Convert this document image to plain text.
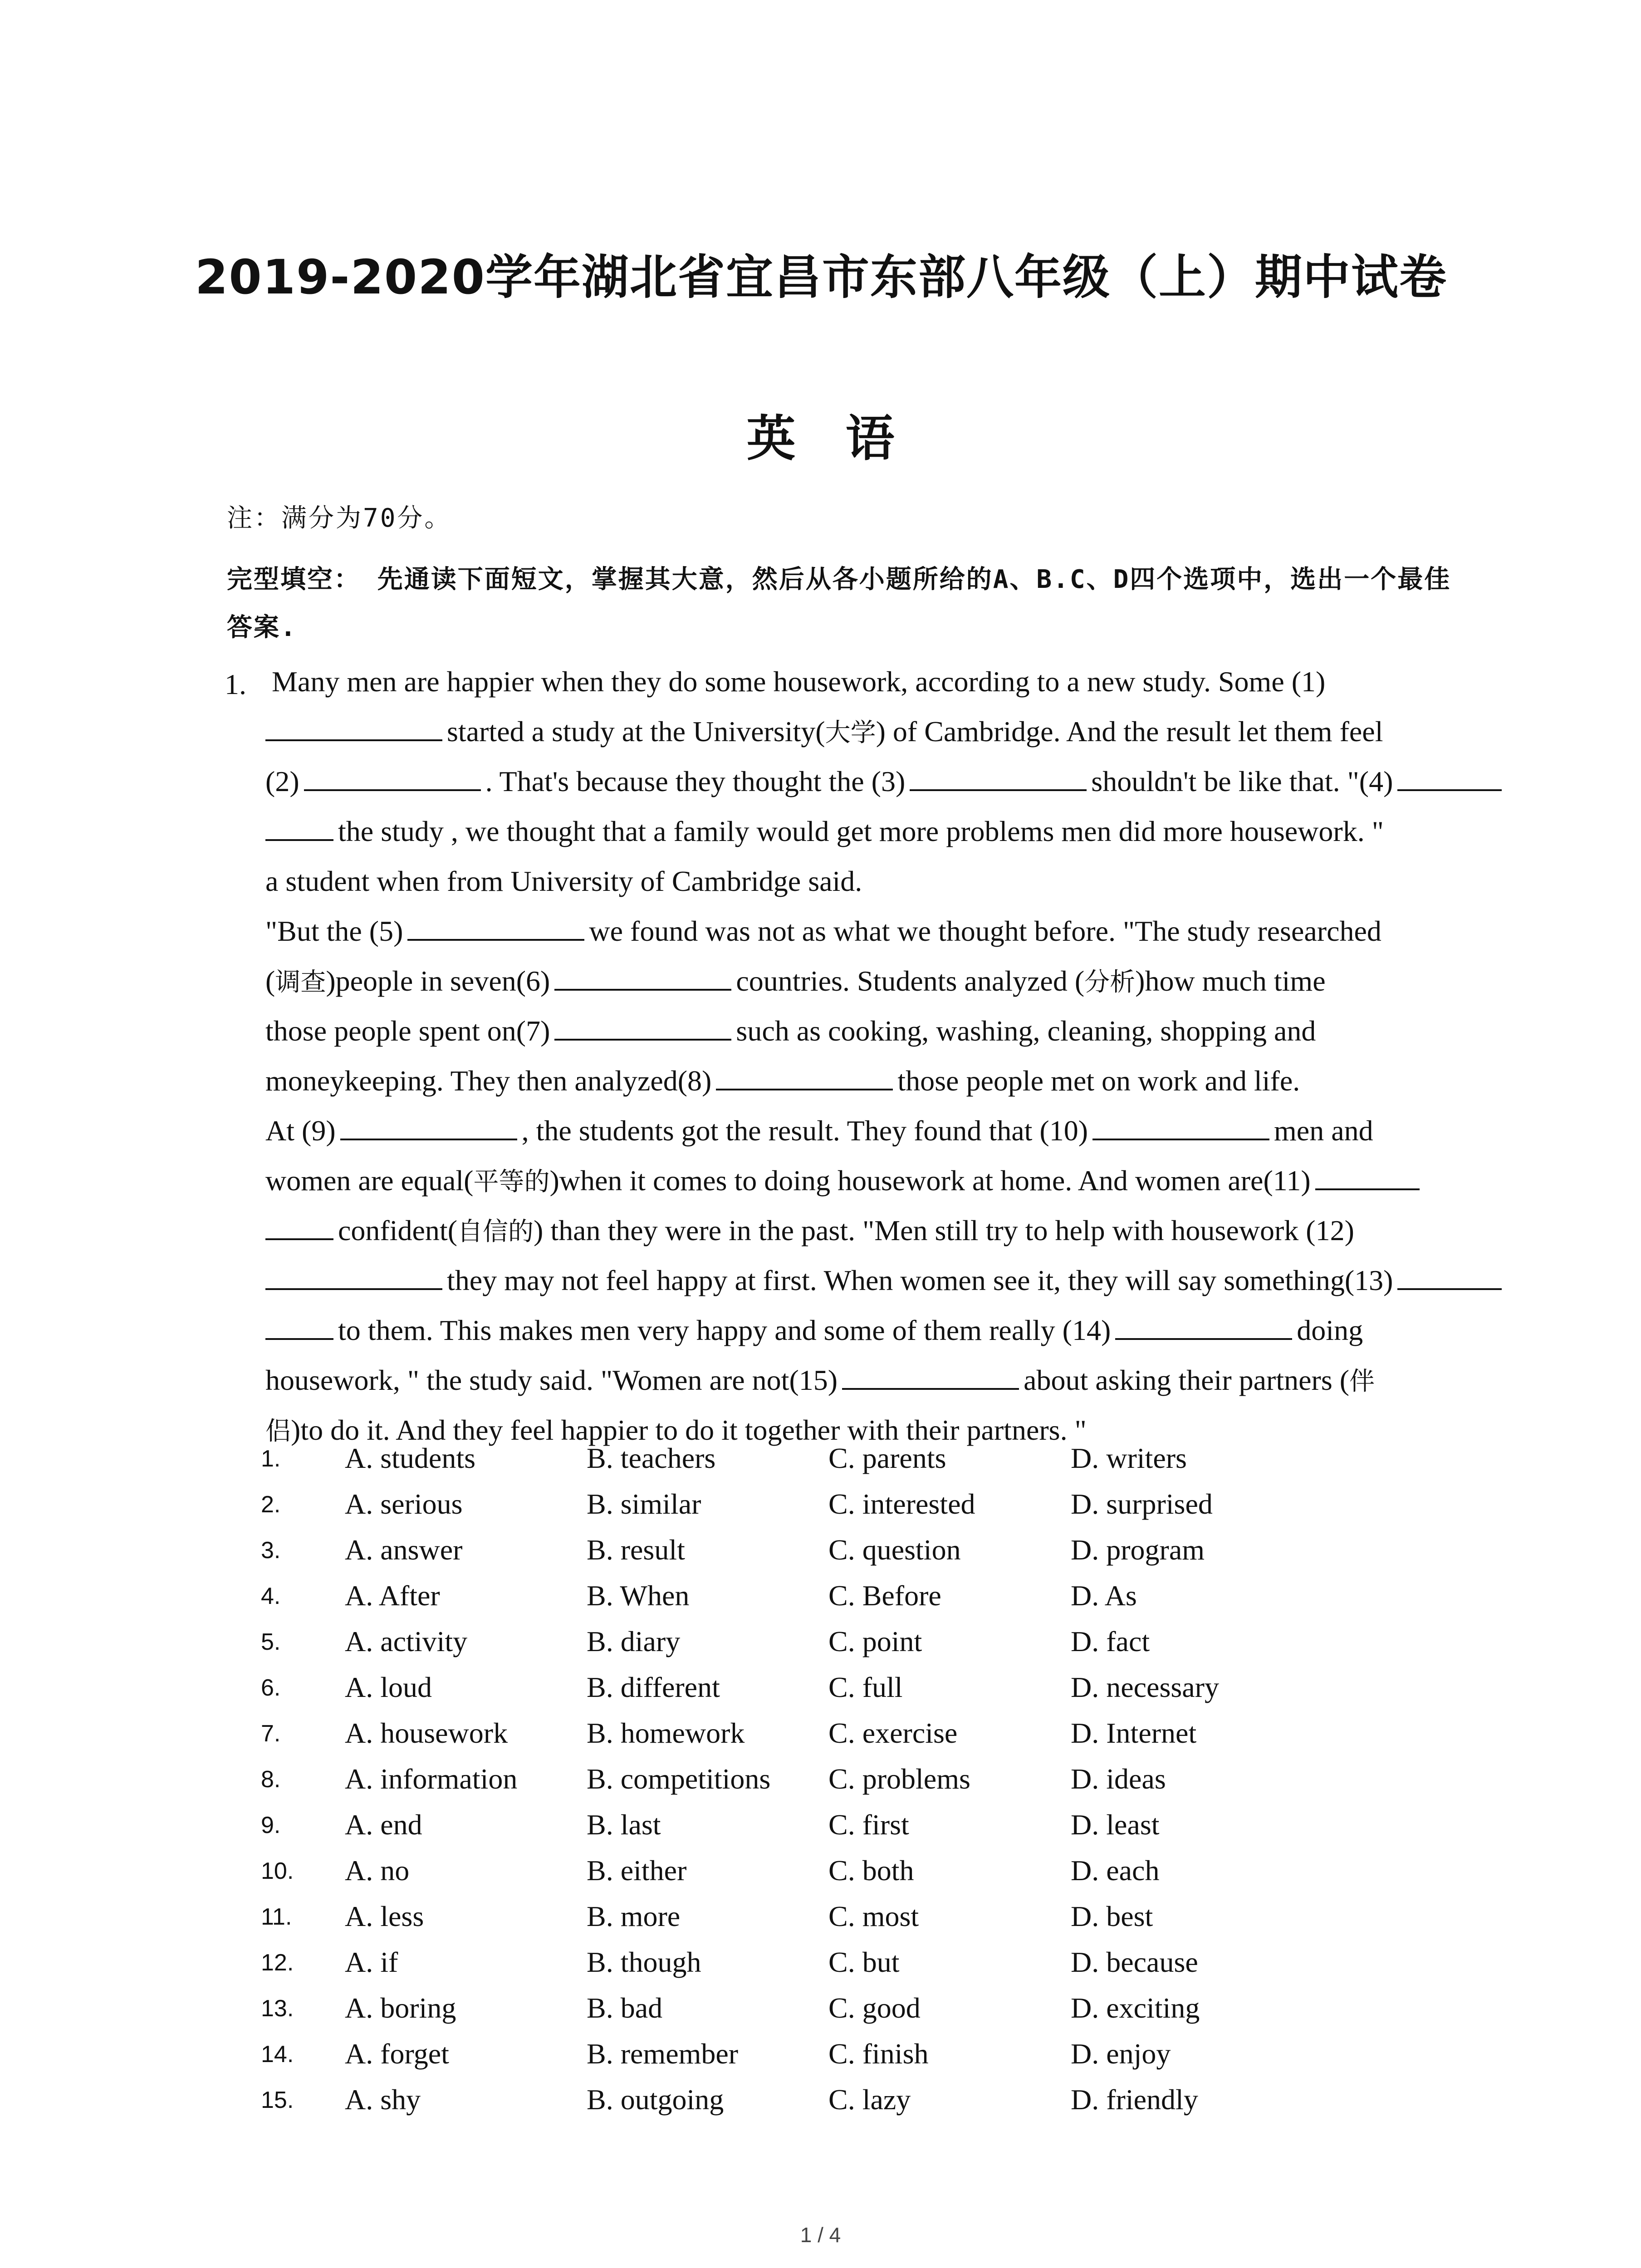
2019-2020学年湖北省宜昌市东部八年级（上）期中试卷
英语
注：满分为70分。
完型填空： 先通读下面短文，掌握其大意，然后从各小题所给的A、B.C、D四个选项中，选出一个最佳答案.
1. Many men are happier when they do some housework, according to a new study. Some (1)
started a study at the University(大学) of Cambridge. And the result let them feel
(2)	. That's because they thought the (3)	shouldn't be like that. "(4)
the study , we thought that a family would get more problems men did more housework. "
a student when from University of Cambridge said.
"But the (5)	we found was not as what we thought before. "The study researched
(调查)people in seven(6)	countries. Students analyzed (分析)how much time
those people spent on(7)	such as cooking, washing, cleaning, shopping and
moneykeeping. They then analyzed(8)	those people met on work and life.
At (9)	, the students got the result. They found that (10)	men and
women are equal(平等的)when it comes to doing housework at home. And women are(11)
confident(自信的) than they were in the past. "Men still try to help with housework (12)
they may not feel happy at first. When women see it, they will say something(13)
to them. This makes men very happy and some of them really (14)	doing
housework, " the study said. "Women are not(15)	about asking their partners (伴
侣)to do it. And they feel happier to do it together with their partners. "
1. A. students	B. teachers	C. parents	D. writers
2. A. serious	B. similar	C. interested	D. surprised
3. A. answer	B. result	C. question	D. program
4. A. After	B. When	C. Before	D. As
5. A. activity	B. diary	C. point	D. fact
6. A. loud	B. different	C. full	D. necessary
7. A. housework	B. homework	C. exercise	D. Internet
8. A. information B. competitions C. problems	D. ideas
9. A. end	B. last	C. first	D. least
10. A. no	B. either	C. both	D. each
11. A. less	B. more	C. most	D. best
12. A. if	B. though	C. but	D. because
13. A. boring	B. bad	C. good	D. exciting
14. A. forget	B. remember	C. finish	D. enjoy
15. A. shy	B. outgoing	C. lazy	D. friendly
1 / 4
